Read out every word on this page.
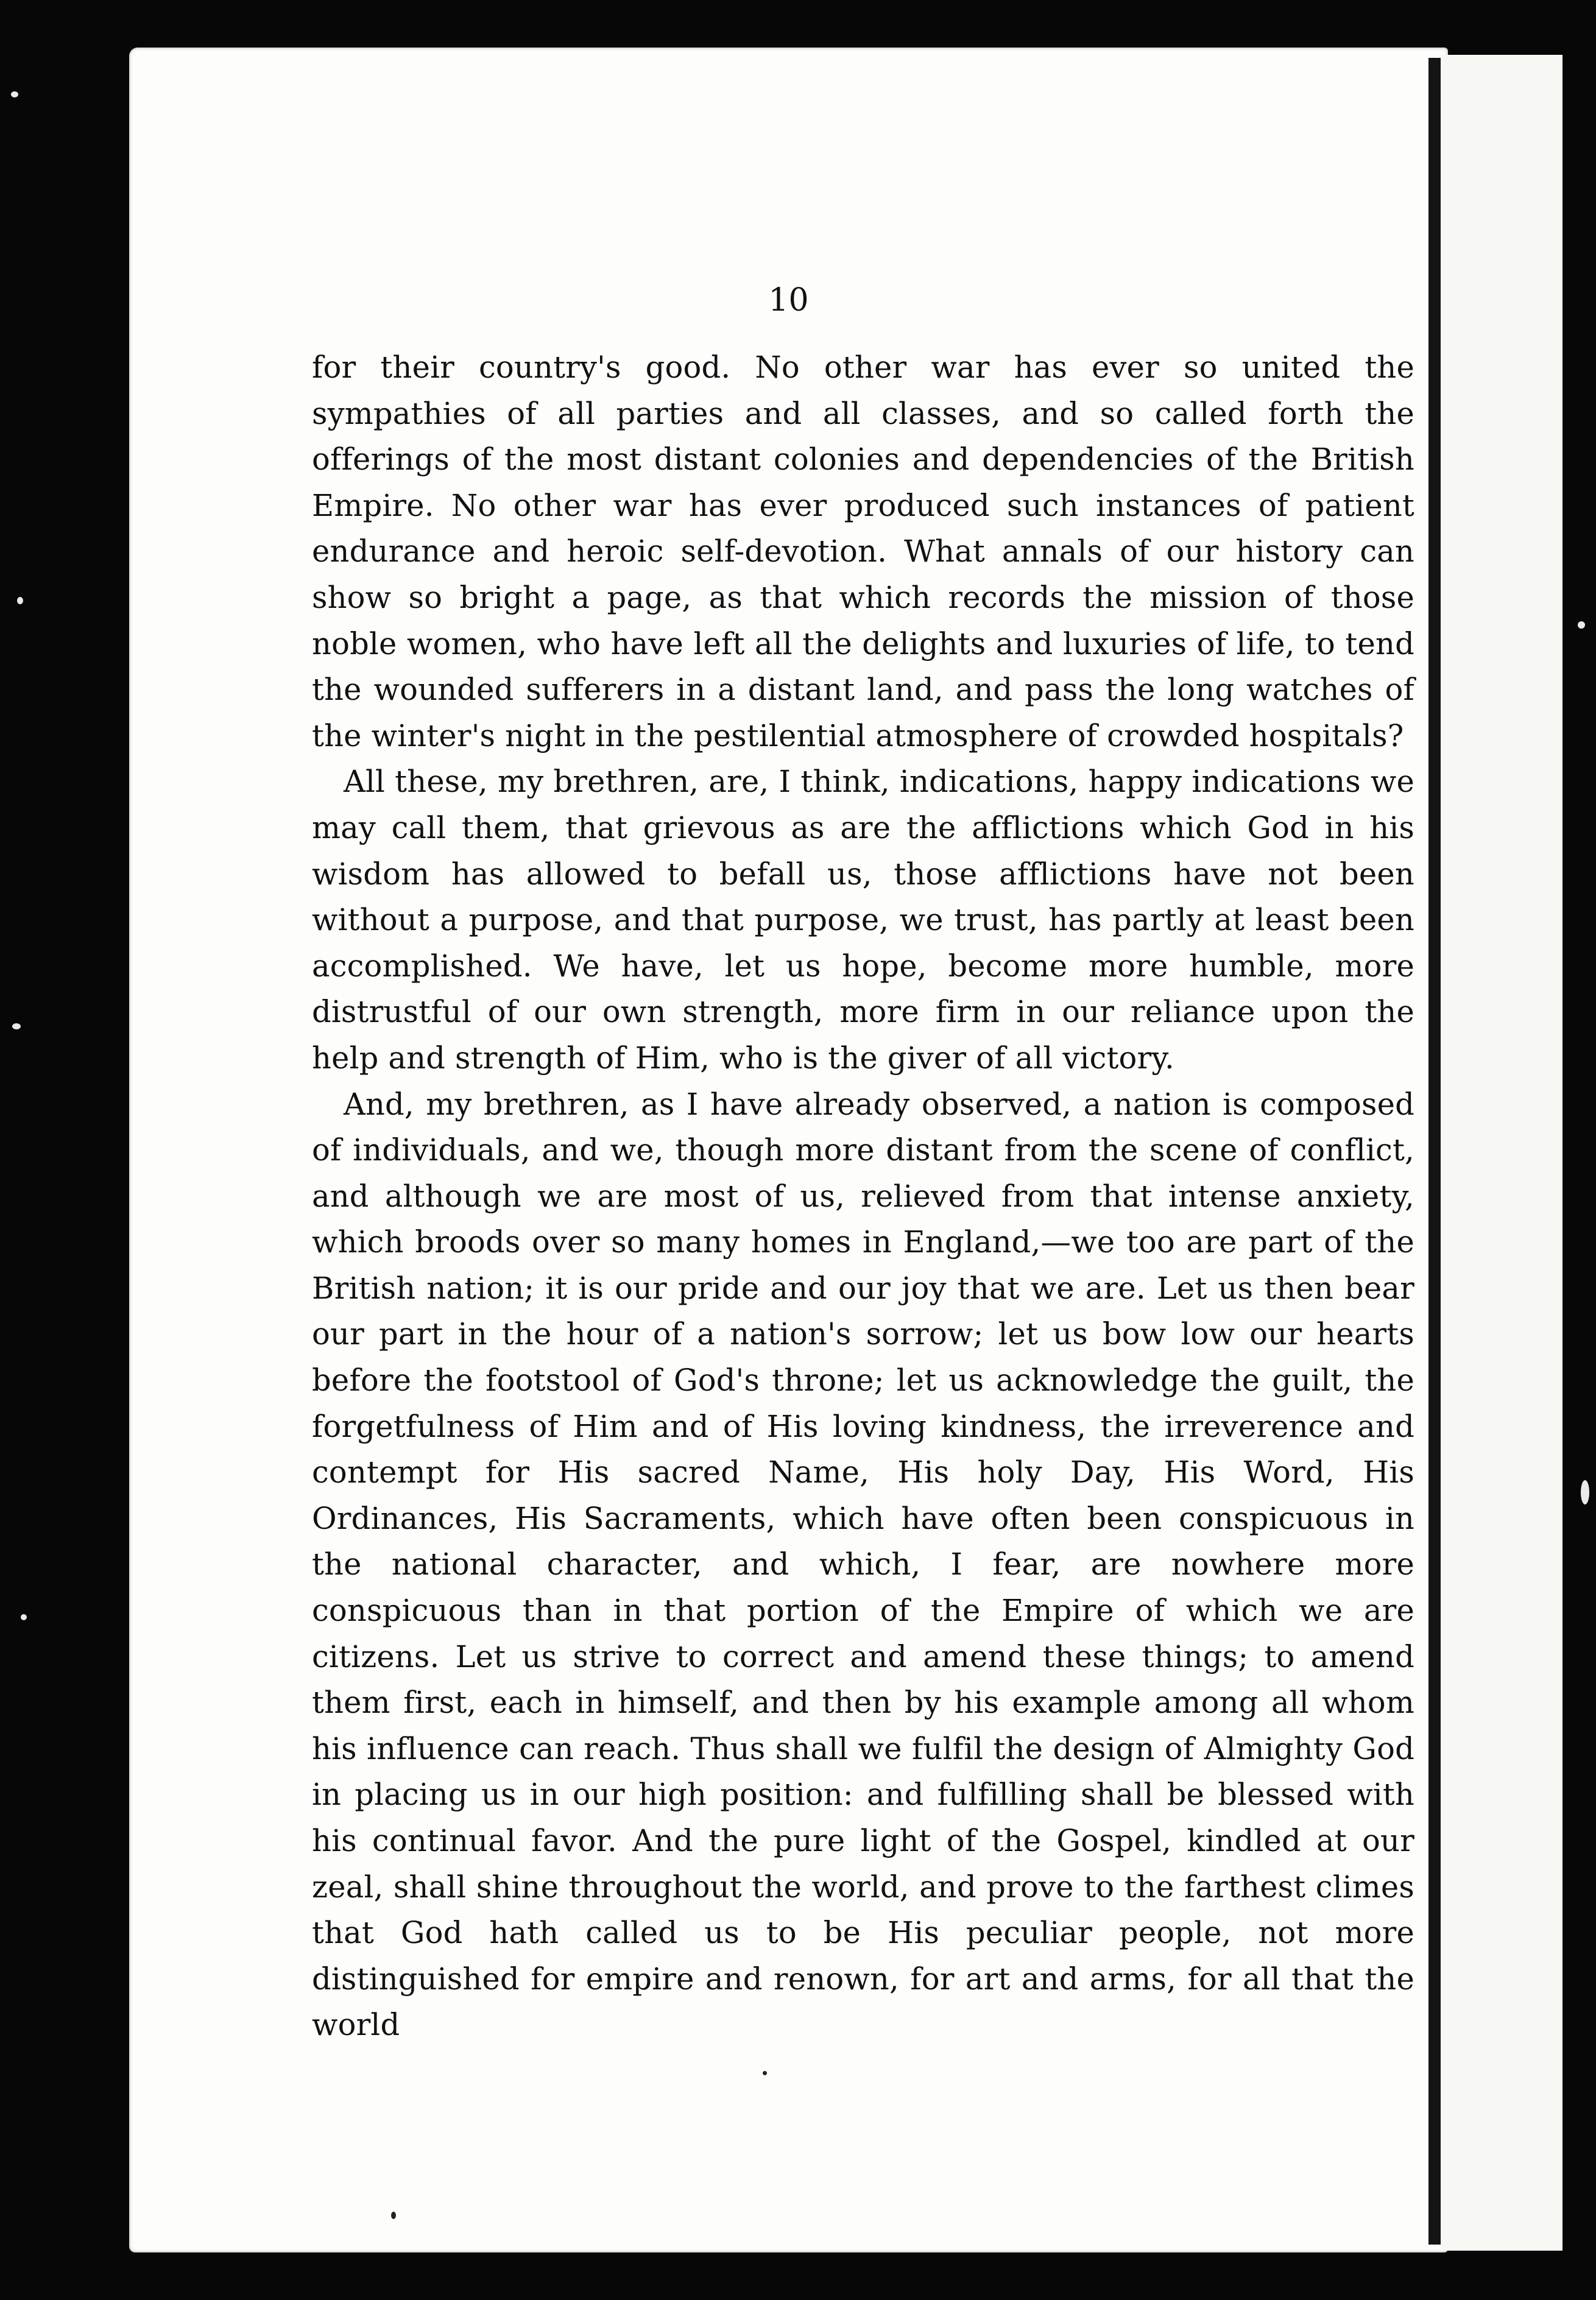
10

for their country's good. No other war has ever so united the sympathies of all parties and all classes, and so called forth the offerings of the most distant colonies and dependencies of the British Empire. No other war has ever produced such instances of patient endurance and heroic self-devotion. What annals of our history can show so bright a page, as that which records the mission of those noble women, who have left all the delights and luxuries of life, to tend the wounded sufferers in a distant land, and pass the long watches of the winter's night in the pestilential atmosphere of crowded hospitals?

All these, my brethren, are, I think, indications, happy indications we may call them, that grievous as are the afflictions which God in his wisdom has allowed to befall us, those afflictions have not been without a purpose, and that purpose, we trust, has partly at least been accomplished. We have, let us hope, become more humble, more distrustful of our own strength, more firm in our reliance upon the help and strength of Him, who is the giver of all victory.

And, my brethren, as I have already observed, a nation is composed of individuals, and we, though more distant from the scene of conflict, and although we are most of us, relieved from that intense anxiety, which broods over so many homes in England,—we too are part of the British nation; it is our pride and our joy that we are. Let us then bear our part in the hour of a nation's sorrow; let us bow low our hearts before the footstool of God's throne; let us acknowledge the guilt, the forgetfulness of Him and of His loving kindness, the irreverence and contempt for His sacred Name, His holy Day, His Word, His Ordinances, His Sacraments, which have often been conspicuous in the national character, and which, I fear, are nowhere more conspicuous than in that portion of the Empire of which we are citizens. Let us strive to correct and amend these things; to amend them first, each in himself, and then by his example among all whom his influence can reach. Thus shall we fulfil the design of Almighty God in placing us in our high position: and fulfilling shall be blessed with his continual favor. And the pure light of the Gospel, kindled at our zeal, shall shine throughout the world, and prove to the farthest climes that God hath called us to be His peculiar people, not more distinguished for empire and renown, for art and arms, for all that the world
